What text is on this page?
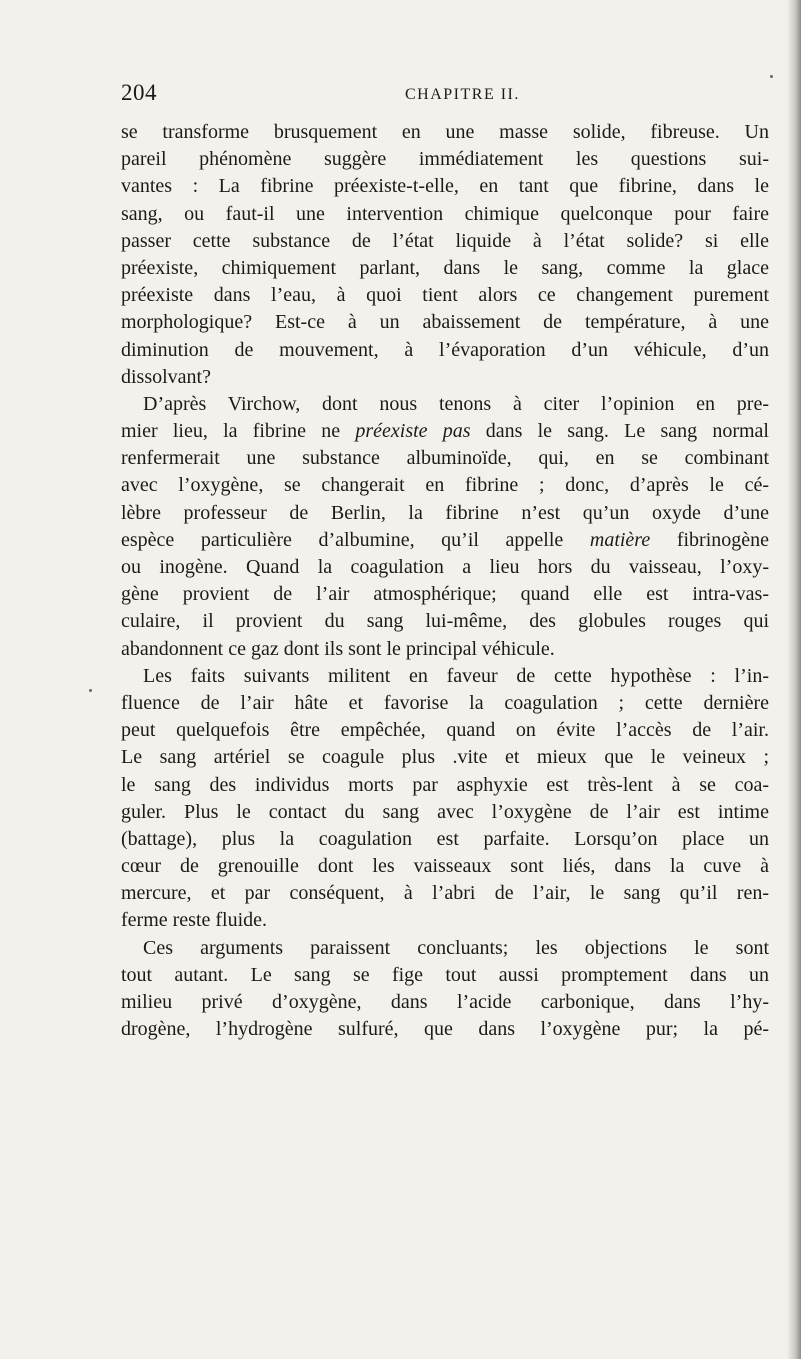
204	CHAPITRE II.
se transforme brusquement en une masse solide, fibreuse. Un
pareil phénomène suggère immédiatement les questions sui-
vantes : La fibrine préexiste-t-elle, en tant que fibrine, dans le
sang, ou faut-il une intervention chimique quelconque pour faire
passer cette substance de l’état liquide à l’état solide? si elle
préexiste, chimiquement parlant, dans le sang, comme la glace
préexiste dans l’eau, à quoi tient alors ce changement purement
morphologique? Est-ce à un abaissement de température, à une
diminution de mouvement, à l’évaporation d’un véhicule, d’un
dissolvant?
D’après Virchow, dont nous tenons à citer l’opinion en pre-
mier lieu, la fibrine ne préexiste pas dans le sang. Le sang normal
renfermerait une substance albuminoïde, qui, en se combinant
avec l’oxygène, se changerait en fibrine ; donc, d’après le cé-
lèbre professeur de Berlin, la fibrine n’est qu’un oxyde d’une
espèce particulière d’albumine, qu’il appelle matière fibrinogène
ou inogène. Quand la coagulation a lieu hors du vaisseau, l’oxy-
gène provient de l’air atmosphérique; quand elle est intra-vas-
culaire, il provient du sang lui-même, des globules rouges qui
abandonnent ce gaz dont ils sont le principal véhicule.
Les faits suivants militent en faveur de cette hypothèse : l’in-
fluence de l’air hâte et favorise la coagulation ; cette dernière
peut quelquefois être empêchée, quand on évite l’accès de l’air.
Le sang artériel se coagule plus .vite et mieux que le veineux ;
le sang des individus morts par asphyxie est très-lent à se coa-
guler. Plus le contact du sang avec l’oxygène de l’air est intime
(battage), plus la coagulation est parfaite. Lorsqu’on place un
cœur de grenouille dont les vaisseaux sont liés, dans la cuve à
mercure, et par conséquent, à l’abri de l’air, le sang qu’il ren-
ferme reste fluide.
Ces arguments paraissent concluants; les objections le sont
tout autant. Le sang se fige tout aussi promptement dans un
milieu privé d’oxygène, dans l’acide carbonique, dans l’hy-
drogène, l’hydrogène sulfuré, que dans l’oxygène pur; la pé-
